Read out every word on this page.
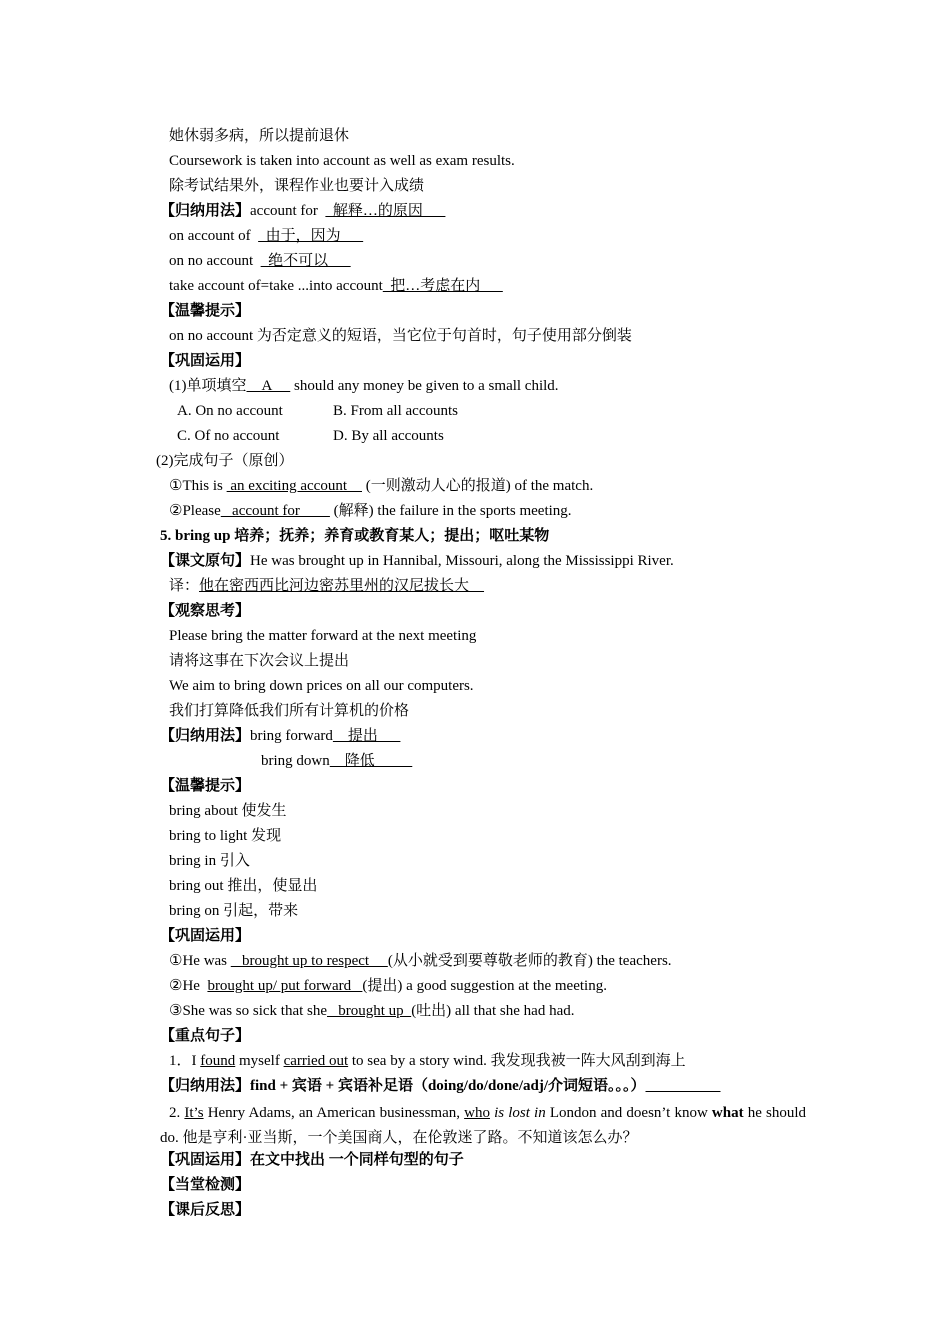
她休弱多病，所以提前退休
Coursework is taken into account as well as exam results.
除考试结果外，课程作业也要计入成绩
【归纳用法】account for    解释…的原因
on account of    由于，因为
on no account    绝不可以
take account of=take ...into account  把…考虑在内
【温馨提示】
on no account 为否定意义的短语，当它位于句首时，句子使用部分倒装
【巩固运用】
(1)单项填空    A      should any money be given to a small child.
A. On no account	B. From all accounts
C. Of no account	D. By all accounts
(2)完成句子（原创）
①This is  an exciting account     (一则激动人心的报道) of the match.
②Please   account for         (解释) the failure in the sports meeting.
5. bring up 培养；抚养；养育或教育某人；提出；呕吐某物
【课文原句】He was brought up in Hannibal, Missouri, along the Mississippi River.
译：他在密西西比河边密苏里州的汉尼拔长大
【观察思考】
Please bring the matter forward at the next meeting
请将这事在下次会议上提出
We aim to bring down prices on all our computers.
我们打算降低我们所有计算机的价格
【归纳用法】bring forward    提出
bring down    降低
【温馨提示】
bring about 使发生
bring to light 发现
bring in 引入
bring out 推出，使显出
bring on 引起，带来
【巩固运用】
①He was    brought up to respect     (从小就受到要尊敬老师的教育) the teachers.
②He  brought up/ put forward   (提出) a good suggestion at the meeting.
③She was so sick that she   brought up  (吐出) all that she had had.
【重点句子】
1．I found myself carried out to sea by a story wind. 我发现我被一阵大风刮到海上
【归纳用法】find + 宾语 + 宾语补足语（doing/do/done/adj/介词短语。。。）
2. It’s Henry Adams, an American businessman, who is lost in London and doesn’t know what he should do. 他是亨利·亚当斯，一个美国商人，在伦敦迷了路。不知道该怎么办？
【巩固运用】在文中找出 一个同样句型的句子
【当堂检测】
【课后反思】
